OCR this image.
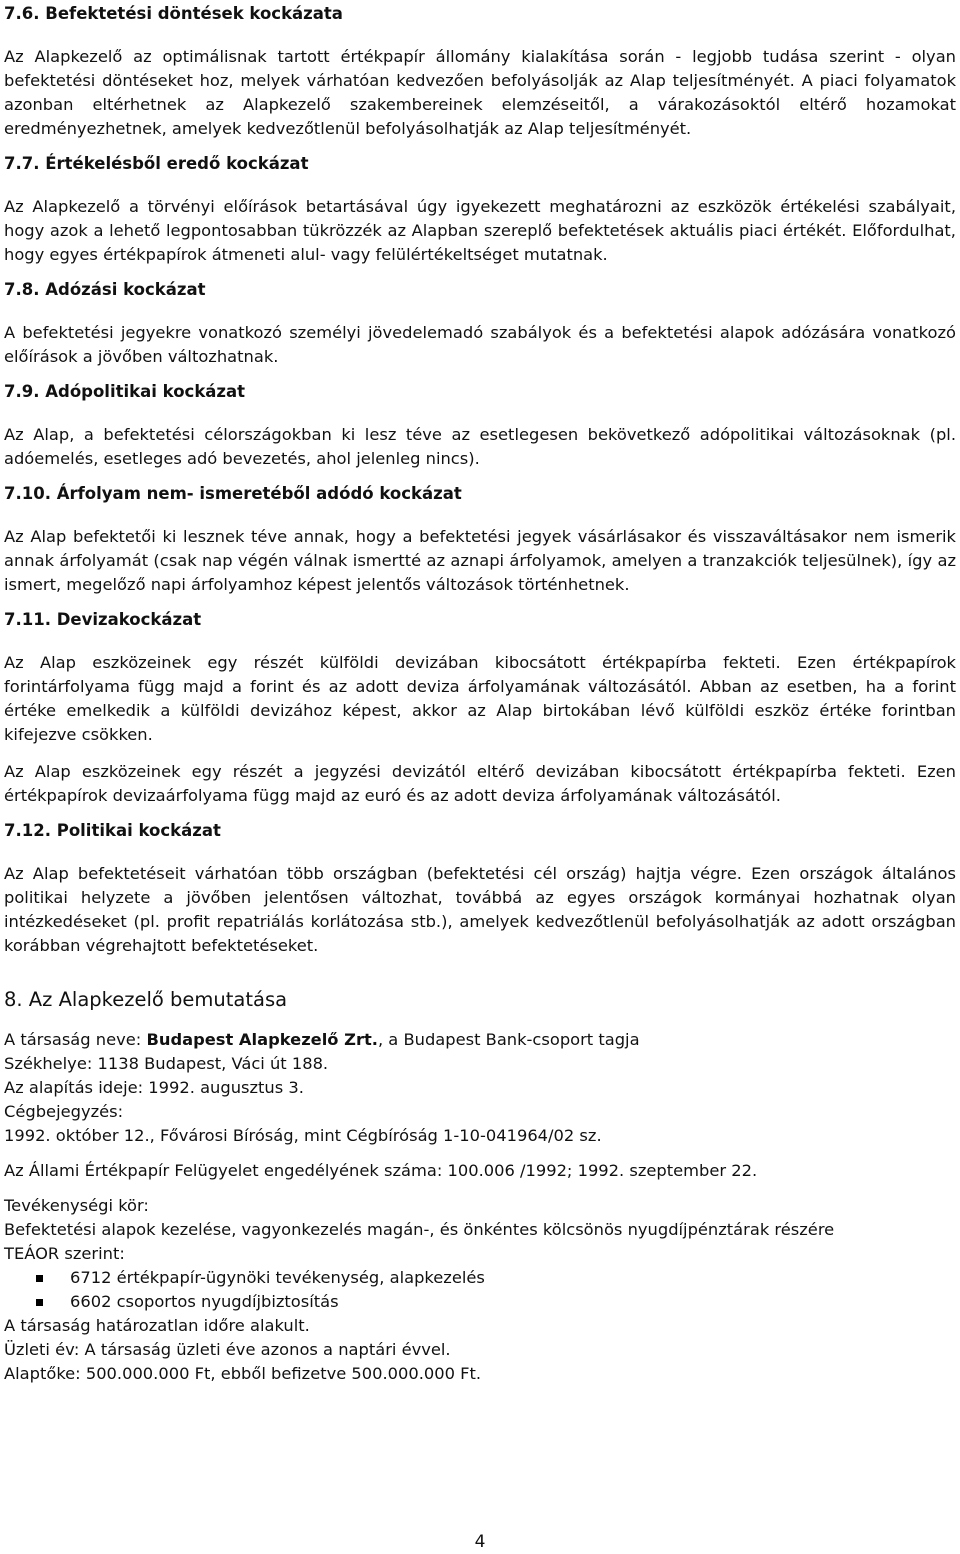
7.6. Befektetési döntések kockázata

Az Alapkezelő az optimálisnak tartott értékpapír állomány kialakítása során - legjobb tudása szerint - olyan befektetési döntéseket hoz, melyek várhatóan kedvezően befolyásolják az Alap teljesítményét. A piaci folyamatok azonban eltérhetnek az Alapkezelő szakembereinek elemzéseitől, a várakozásoktól eltérő hozamokat eredményezhetnek, amelyek kedvezőtlenül befolyásolhatják az Alap teljesítményét.

7.7. Értékelésből eredő kockázat

Az Alapkezelő a törvényi előírások betartásával úgy igyekezett meghatározni az eszközök értékelési szabályait, hogy azok a lehető legpontosabban tükrözzék az Alapban szereplő befektetések aktuális piaci értékét. Előfordulhat, hogy egyes értékpapírok átmeneti alul- vagy felülértékeltséget mutatnak.

7.8. Adózási kockázat

A befektetési jegyekre vonatkozó személyi jövedelemadó szabályok és a befektetési alapok adózására vonatkozó előírások a jövőben változhatnak.

7.9. Adópolitikai kockázat

Az Alap, a befektetési célországokban ki lesz téve az esetlegesen bekövetkező adópolitikai változásoknak (pl. adóemelés, esetleges adó bevezetés, ahol jelenleg nincs).

7.10. Árfolyam nem- ismeretéből adódó kockázat

Az Alap befektetői ki lesznek téve annak, hogy a befektetési jegyek vásárlásakor és visszaváltásakor nem ismerik annak árfolyamát (csak nap végén válnak ismertté az aznapi árfolyamok, amelyen a tranzakciók teljesülnek), így az ismert, megelőző napi árfolyamhoz képest jelentős változások történhetnek.

7.11. Devizakockázat

Az Alap eszközeinek egy részét külföldi devizában kibocsátott értékpapírba fekteti. Ezen értékpapírok forintárfolyama függ majd a forint és az adott deviza árfolyamának változásától. Abban az esetben, ha a forint értéke emelkedik a külföldi devizához képest, akkor az Alap birtokában lévő külföldi eszköz értéke forintban kifejezve csökken.

Az Alap eszközeinek egy részét a jegyzési devizától eltérő devizában kibocsátott értékpapírba fekteti. Ezen értékpapírok devizaárfolyama függ majd az euró és az adott deviza árfolyamának változásától.

7.12. Politikai kockázat

Az Alap befektetéseit várhatóan több országban (befektetési cél ország) hajtja végre. Ezen országok általános politikai helyzete a jövőben jelentősen változhat, továbbá az egyes országok kormányai hozhatnak olyan intézkedéseket (pl. profit repatriálás korlátozása stb.), amelyek kedvezőtlenül befolyásolhatják az adott országban korábban végrehajtott befektetéseket.

8. Az Alapkezelő bemutatása

A társaság neve: Budapest Alapkezelő Zrt., a Budapest Bank-csoport tagja

Székhelye: 1138 Budapest, Váci út 188.

Az alapítás ideje: 1992. augusztus 3.

Cégbejegyzés:

1992. október 12., Fővárosi Bíróság, mint Cégbíróság 1-10-041964/02 sz.

Az Állami Értékpapír Felügyelet engedélyének száma: 100.006 /1992; 1992. szeptember 22.

Tevékenységi kör:

Befektetési alapok kezelése, vagyonkezelés magán-, és önkéntes kölcsönös nyugdíjpénztárak részére

TEÁOR szerint:

6712 értékpapír-ügynöki tevékenység, alapkezelés
6602 csoportos nyugdíjbiztosítás

A társaság határozatlan időre alakult.

Üzleti év: A társaság üzleti éve azonos a naptári évvel.

Alaptőke: 500.000.000 Ft, ebből befizetve 500.000.000 Ft.

4
